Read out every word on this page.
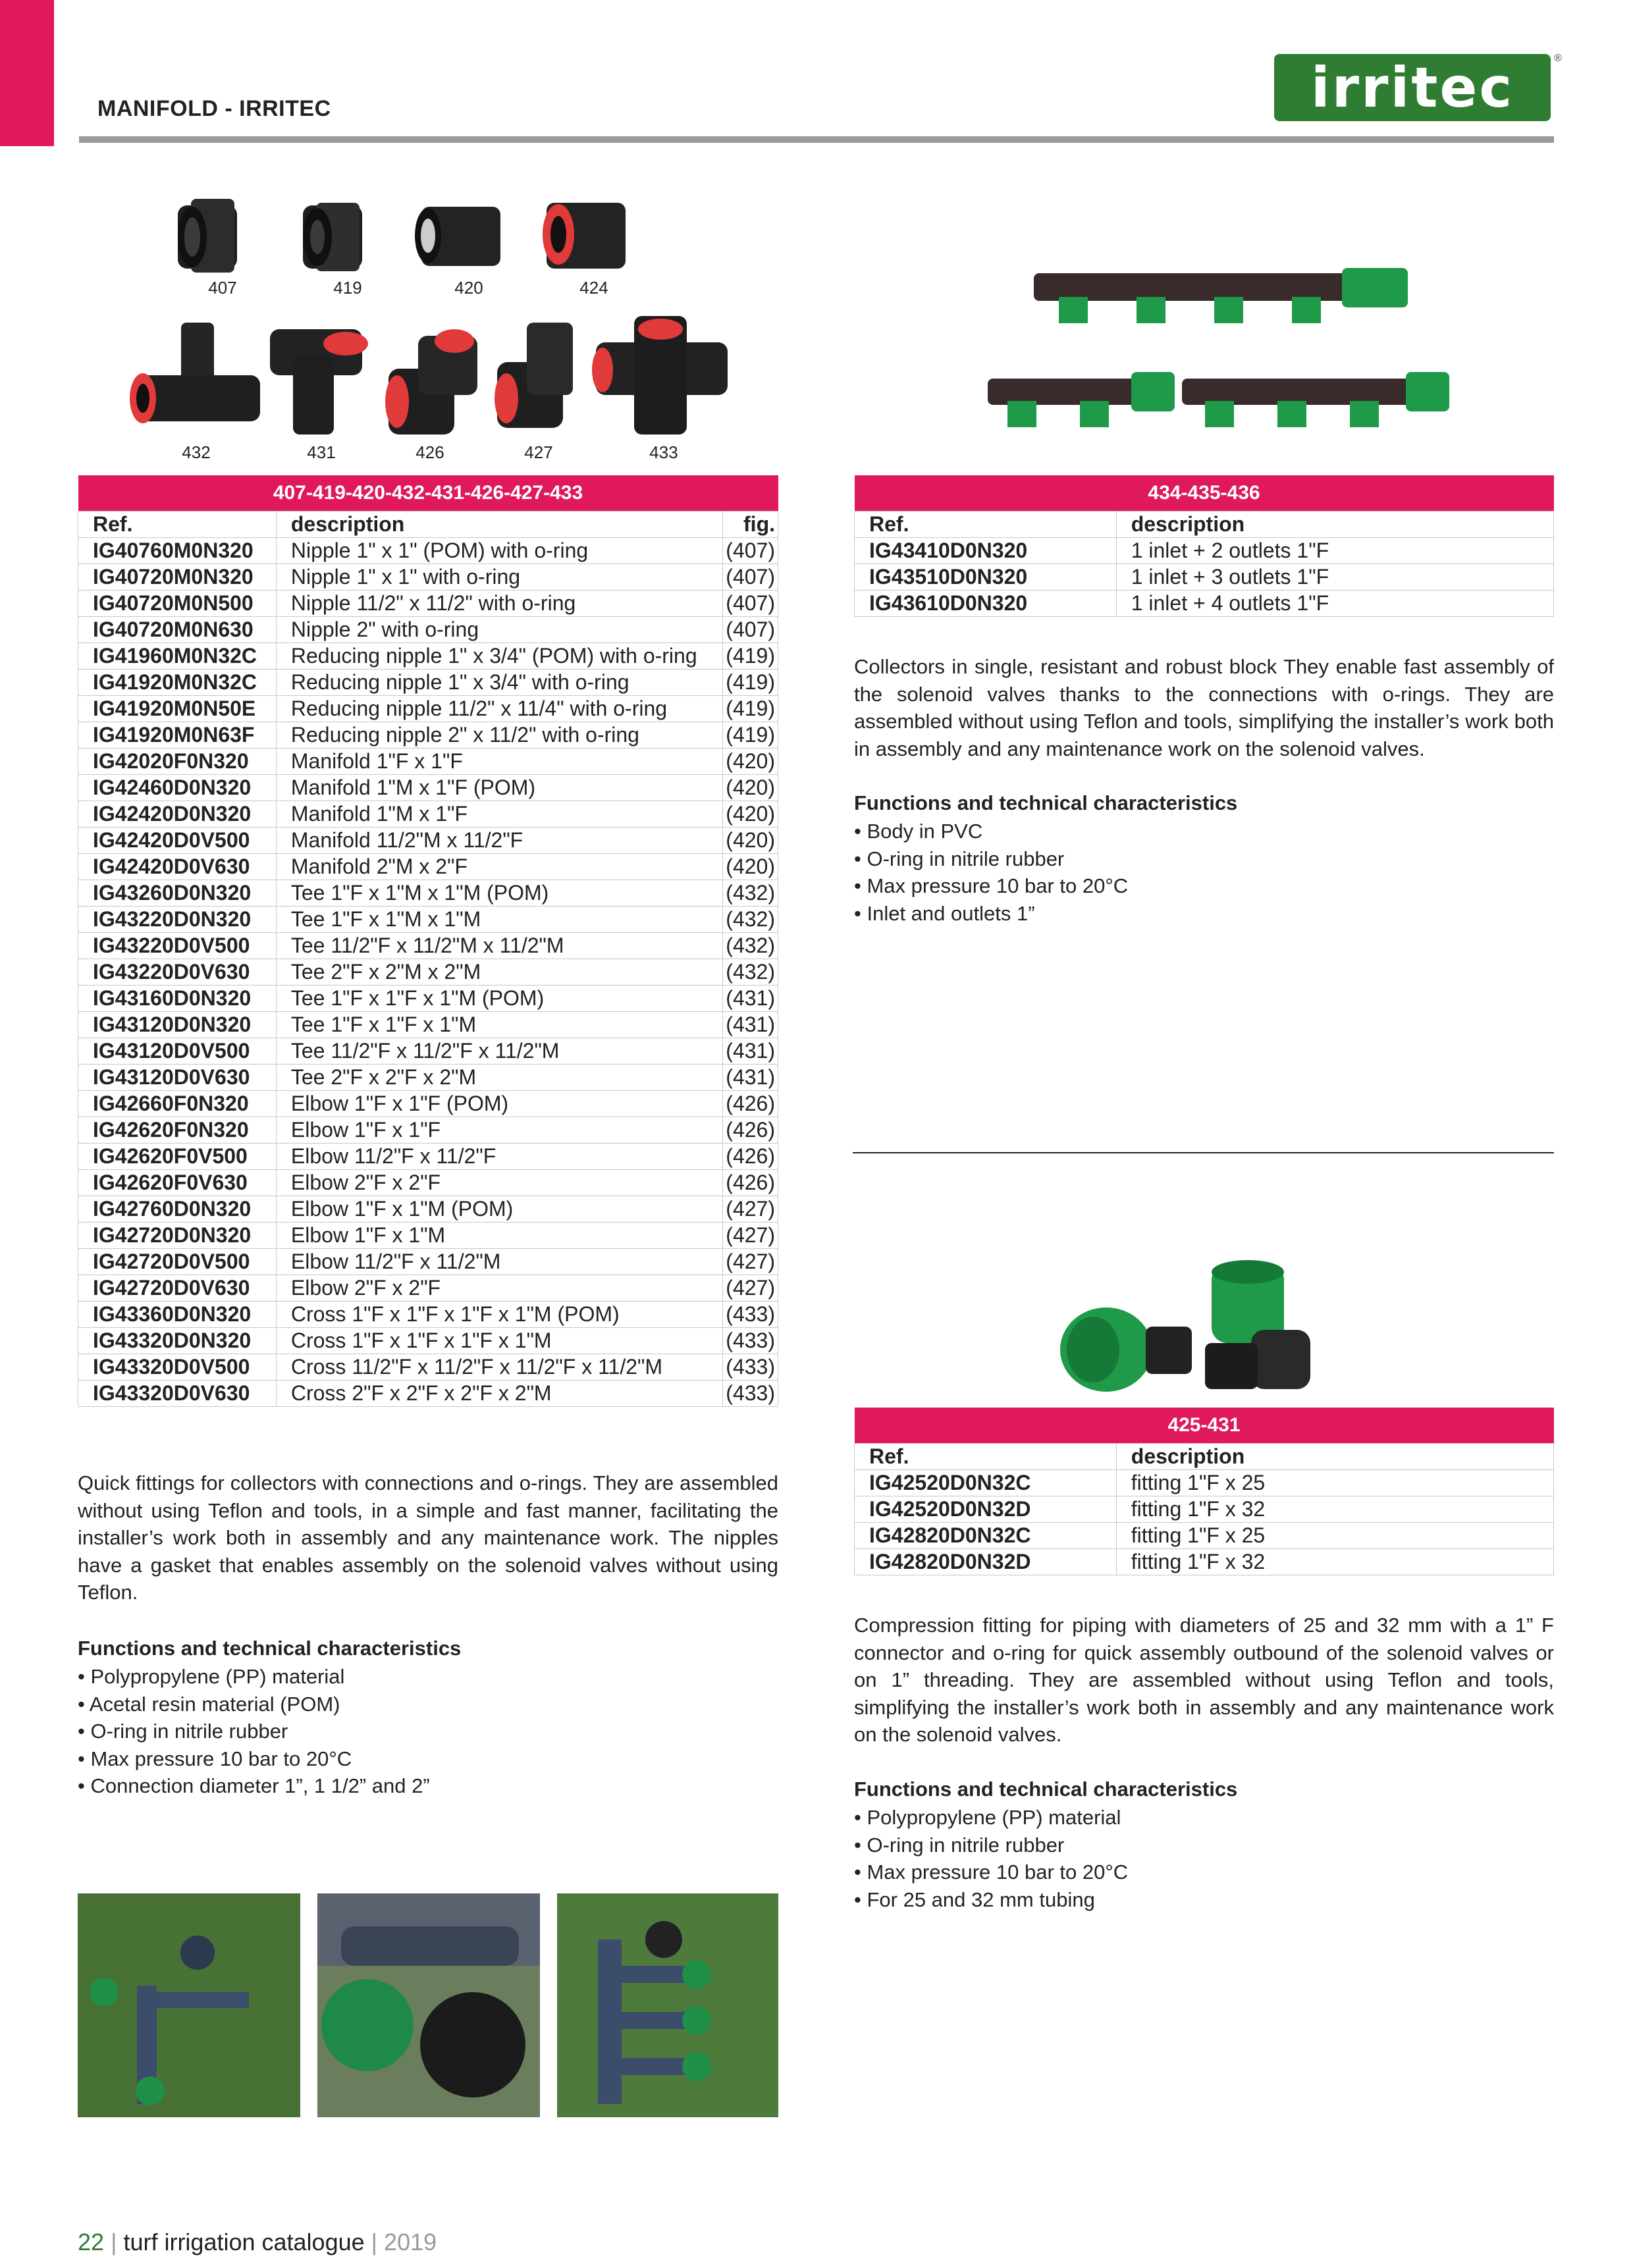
MANIFOLD - IRRITEC	irritec	®
407	419	420	424
432	431	426	427	433
407-419-420-432-431-426-427-433		
Ref.	description	fig.
IG40760M0N320	Nipple 1" x 1" (POM) with o-ring	(407)
IG40720M0N320	Nipple 1" x 1" with o-ring	(407)
IG40720M0N500	Nipple 11/2" x 11/2" with o-ring	(407)
IG40720M0N630	Nipple 2" with o-ring	(407)
IG41960M0N32C	Reducing nipple 1" x 3/4" (POM) with o-ring	(419)
IG41920M0N32C	Reducing nipple 1" x 3/4" with o-ring	(419)
IG41920M0N50E	Reducing nipple 11/2" x 11/4" with o-ring	(419)
IG41920M0N63F	Reducing nipple 2" x 11/2" with o-ring	(419)
IG42020F0N320	Manifold 1"F x 1"F	(420)
IG42460D0N320	Manifold 1"M x 1"F (POM)	(420)
IG42420D0N320	Manifold 1"M x 1"F	(420)
IG42420D0V500	Manifold 11/2"M x 11/2"F	(420)
IG42420D0V630	Manifold 2"M x 2"F	(420)
IG43260D0N320	Tee 1"F x 1"M x 1"M (POM)	(432)
IG43220D0N320	Tee 1"F x 1"M x 1"M	(432)
IG43220D0V500	Tee 11/2"F x 11/2"M x 11/2"M	(432)
IG43220D0V630	Tee 2"F x 2"M x 2"M	(432)
IG43160D0N320	Tee 1"F x 1"F x 1"M (POM)	(431)
IG43120D0N320	Tee 1"F x 1"F x 1"M	(431)
IG43120D0V500	Tee 11/2"F x 11/2"F x 11/2"M	(431)
IG43120D0V630	Tee 2"F x 2"F x 2"M	(431)
IG42660F0N320	Elbow 1"F x 1"F (POM)	(426)
IG42620F0N320	Elbow 1"F x 1"F	(426)
IG42620F0V500	Elbow 11/2"F x 11/2"F	(426)
IG42620F0V630	Elbow 2"F x 2"F	(426)
IG42760D0N320	Elbow 1"F x 1"M (POM)	(427)
IG42720D0N320	Elbow 1"F x 1"M	(427)
IG42720D0V500	Elbow 11/2"F x 11/2"M	(427)
IG42720D0V630	Elbow 2"F x 2"F	(427)
IG43360D0N320	Cross 1"F x 1"F x 1"F x 1"M (POM)	(433)
IG43320D0N320	Cross 1"F x 1"F x 1"F x 1"M	(433)
IG43320D0V500	Cross 11/2"F x 11/2"F x 11/2"F x 11/2"M	(433)
IG43320D0V630	Cross 2"F x 2"F x 2"F x 2"M	(433)
Quick fittings for collectors with connections and o-rings. They are assembled without using Teflon and tools, in a simple and fast manner, facilitating the installer’s work both in assembly and any maintenance work. The nipples have a gasket that enables assembly on the solenoid valves without using Teflon.
Functions and technical characteristics
• Polypropylene (PP) material
• Acetal resin material (POM)
• O-ring in nitrile rubber
• Max pressure 10 bar to 20°C
• Connection diameter 1”, 1 1/2” and 2”
434-435-436	
Ref.	description
IG43410D0N320	1 inlet + 2 outlets 1"F
IG43510D0N320	1 inlet + 3 outlets 1"F
IG43610D0N320	1 inlet + 4 outlets 1"F
Collectors in single, resistant and robust block They enable fast assembly of the solenoid valves thanks to the connections with o-rings. They are assembled without using Teflon and tools, simplifying the installer’s work both in assembly and any maintenance work on the solenoid valves.
Functions and technical characteristics
• Body in PVC
• O-ring in nitrile rubber
• Max pressure 10 bar to 20°C
• Inlet and outlets 1”
425-431	
Ref.	description
IG42520D0N32C	fitting 1"F x 25
IG42520D0N32D	fitting 1"F x 32
IG42820D0N32C	fitting 1"F x 25
IG42820D0N32D	fitting 1"F x 32
Compression fitting for piping with diameters of 25 and 32 mm with a 1” F connector and o-ring for quick assembly outbound of the solenoid valves or on 1” threading. They are assembled without using Teflon and tools, simplifying the installer’s work both in assembly and any maintenance work on the solenoid valves.
Functions and technical characteristics
• Polypropylene (PP) material
• O-ring in nitrile rubber
• Max pressure 10 bar to 20°C
• For 25 and 32 mm tubing
22 | turf irrigation catalogue | 2019
